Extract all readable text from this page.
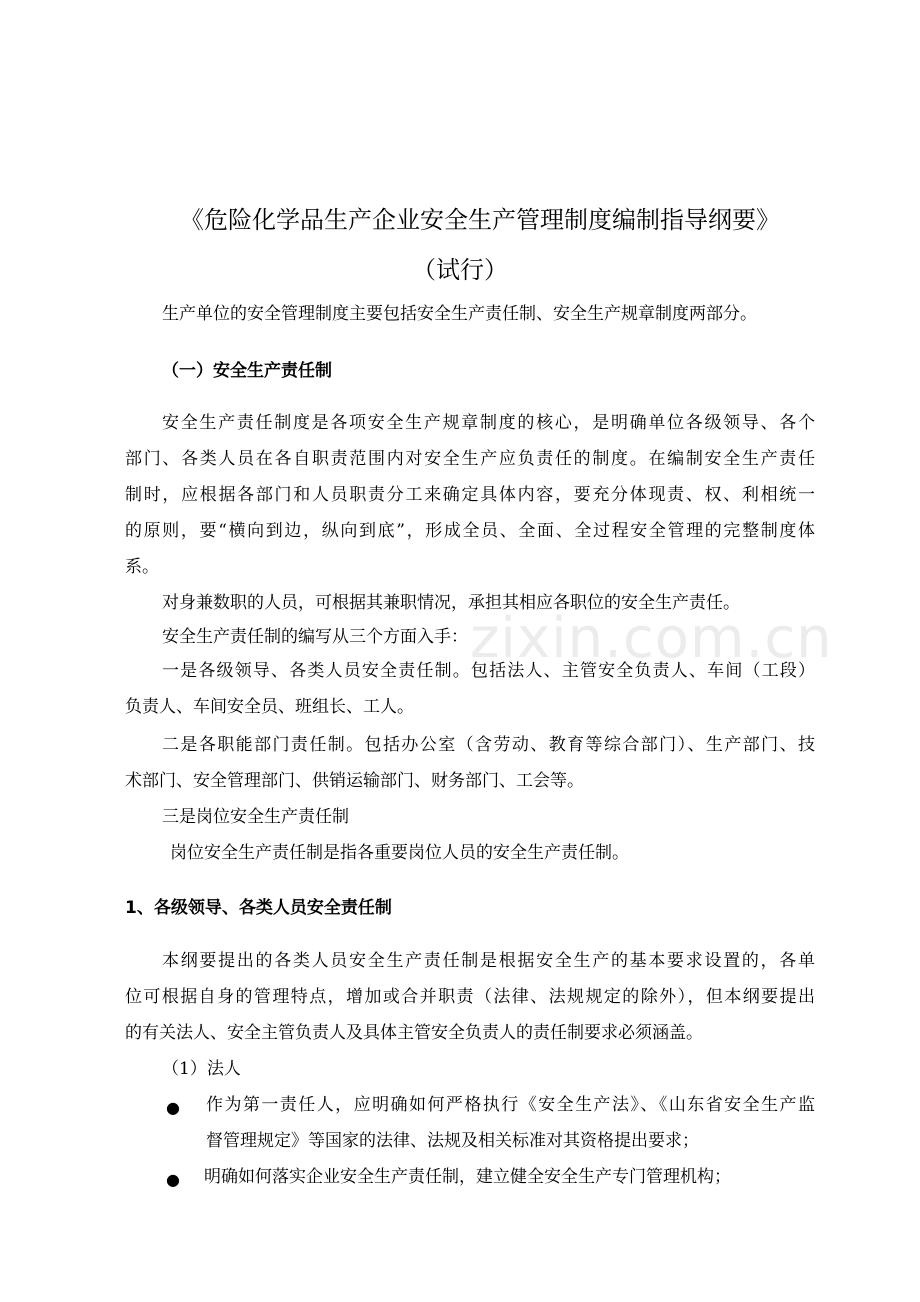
zixin.com.cn
《危险化学品生产企业安全生产管理制度编制指导纲要》
（试行）
生产单位的安全管理制度主要包括安全生产责任制、安全生产规章制度两部分。
（一）安全生产责任制
安全生产责任制度是各项安全生产规章制度的核心，是明确单位各级领导、各个
部门、各类人员在各自职责范围内对安全生产应负责任的制度。在编制安全生产责任
制时，应根据各部门和人员职责分工来确定具体内容，要充分体现责、权、利相统一
的原则，要“横向到边，纵向到底”，形成全员、全面、全过程安全管理的完整制度体
系。
对身兼数职的人员，可根据其兼职情况，承担其相应各职位的安全生产责任。
安全生产责任制的编写从三个方面入手：
一是各级领导、各类人员安全责任制。包括法人、主管安全负责人、车间（工段）
负责人、车间安全员、班组长、工人。
二是各职能部门责任制。包括办公室（含劳动、教育等综合部门）、生产部门、技
术部门、安全管理部门、供销运输部门、财务部门、工会等。
三是岗位安全生产责任制
岗位安全生产责任制是指各重要岗位人员的安全生产责任制。
1、各级领导、各类人员安全责任制
本纲要提出的各类人员安全生产责任制是根据安全生产的基本要求设置的，各单
位可根据自身的管理特点，增加或合并职责（法律、法规规定的除外），但本纲要提出
的有关法人、安全主管负责人及具体主管安全负责人的责任制要求必须涵盖。
（1）法人
● 作为第一责任人，应明确如何严格执行《安全生产法》、《山东省安全生产监
督管理规定》等国家的法律、法规及相关标准对其资格提出要求；
● 明确如何落实企业安全生产责任制，建立健全安全生产专门管理机构；
